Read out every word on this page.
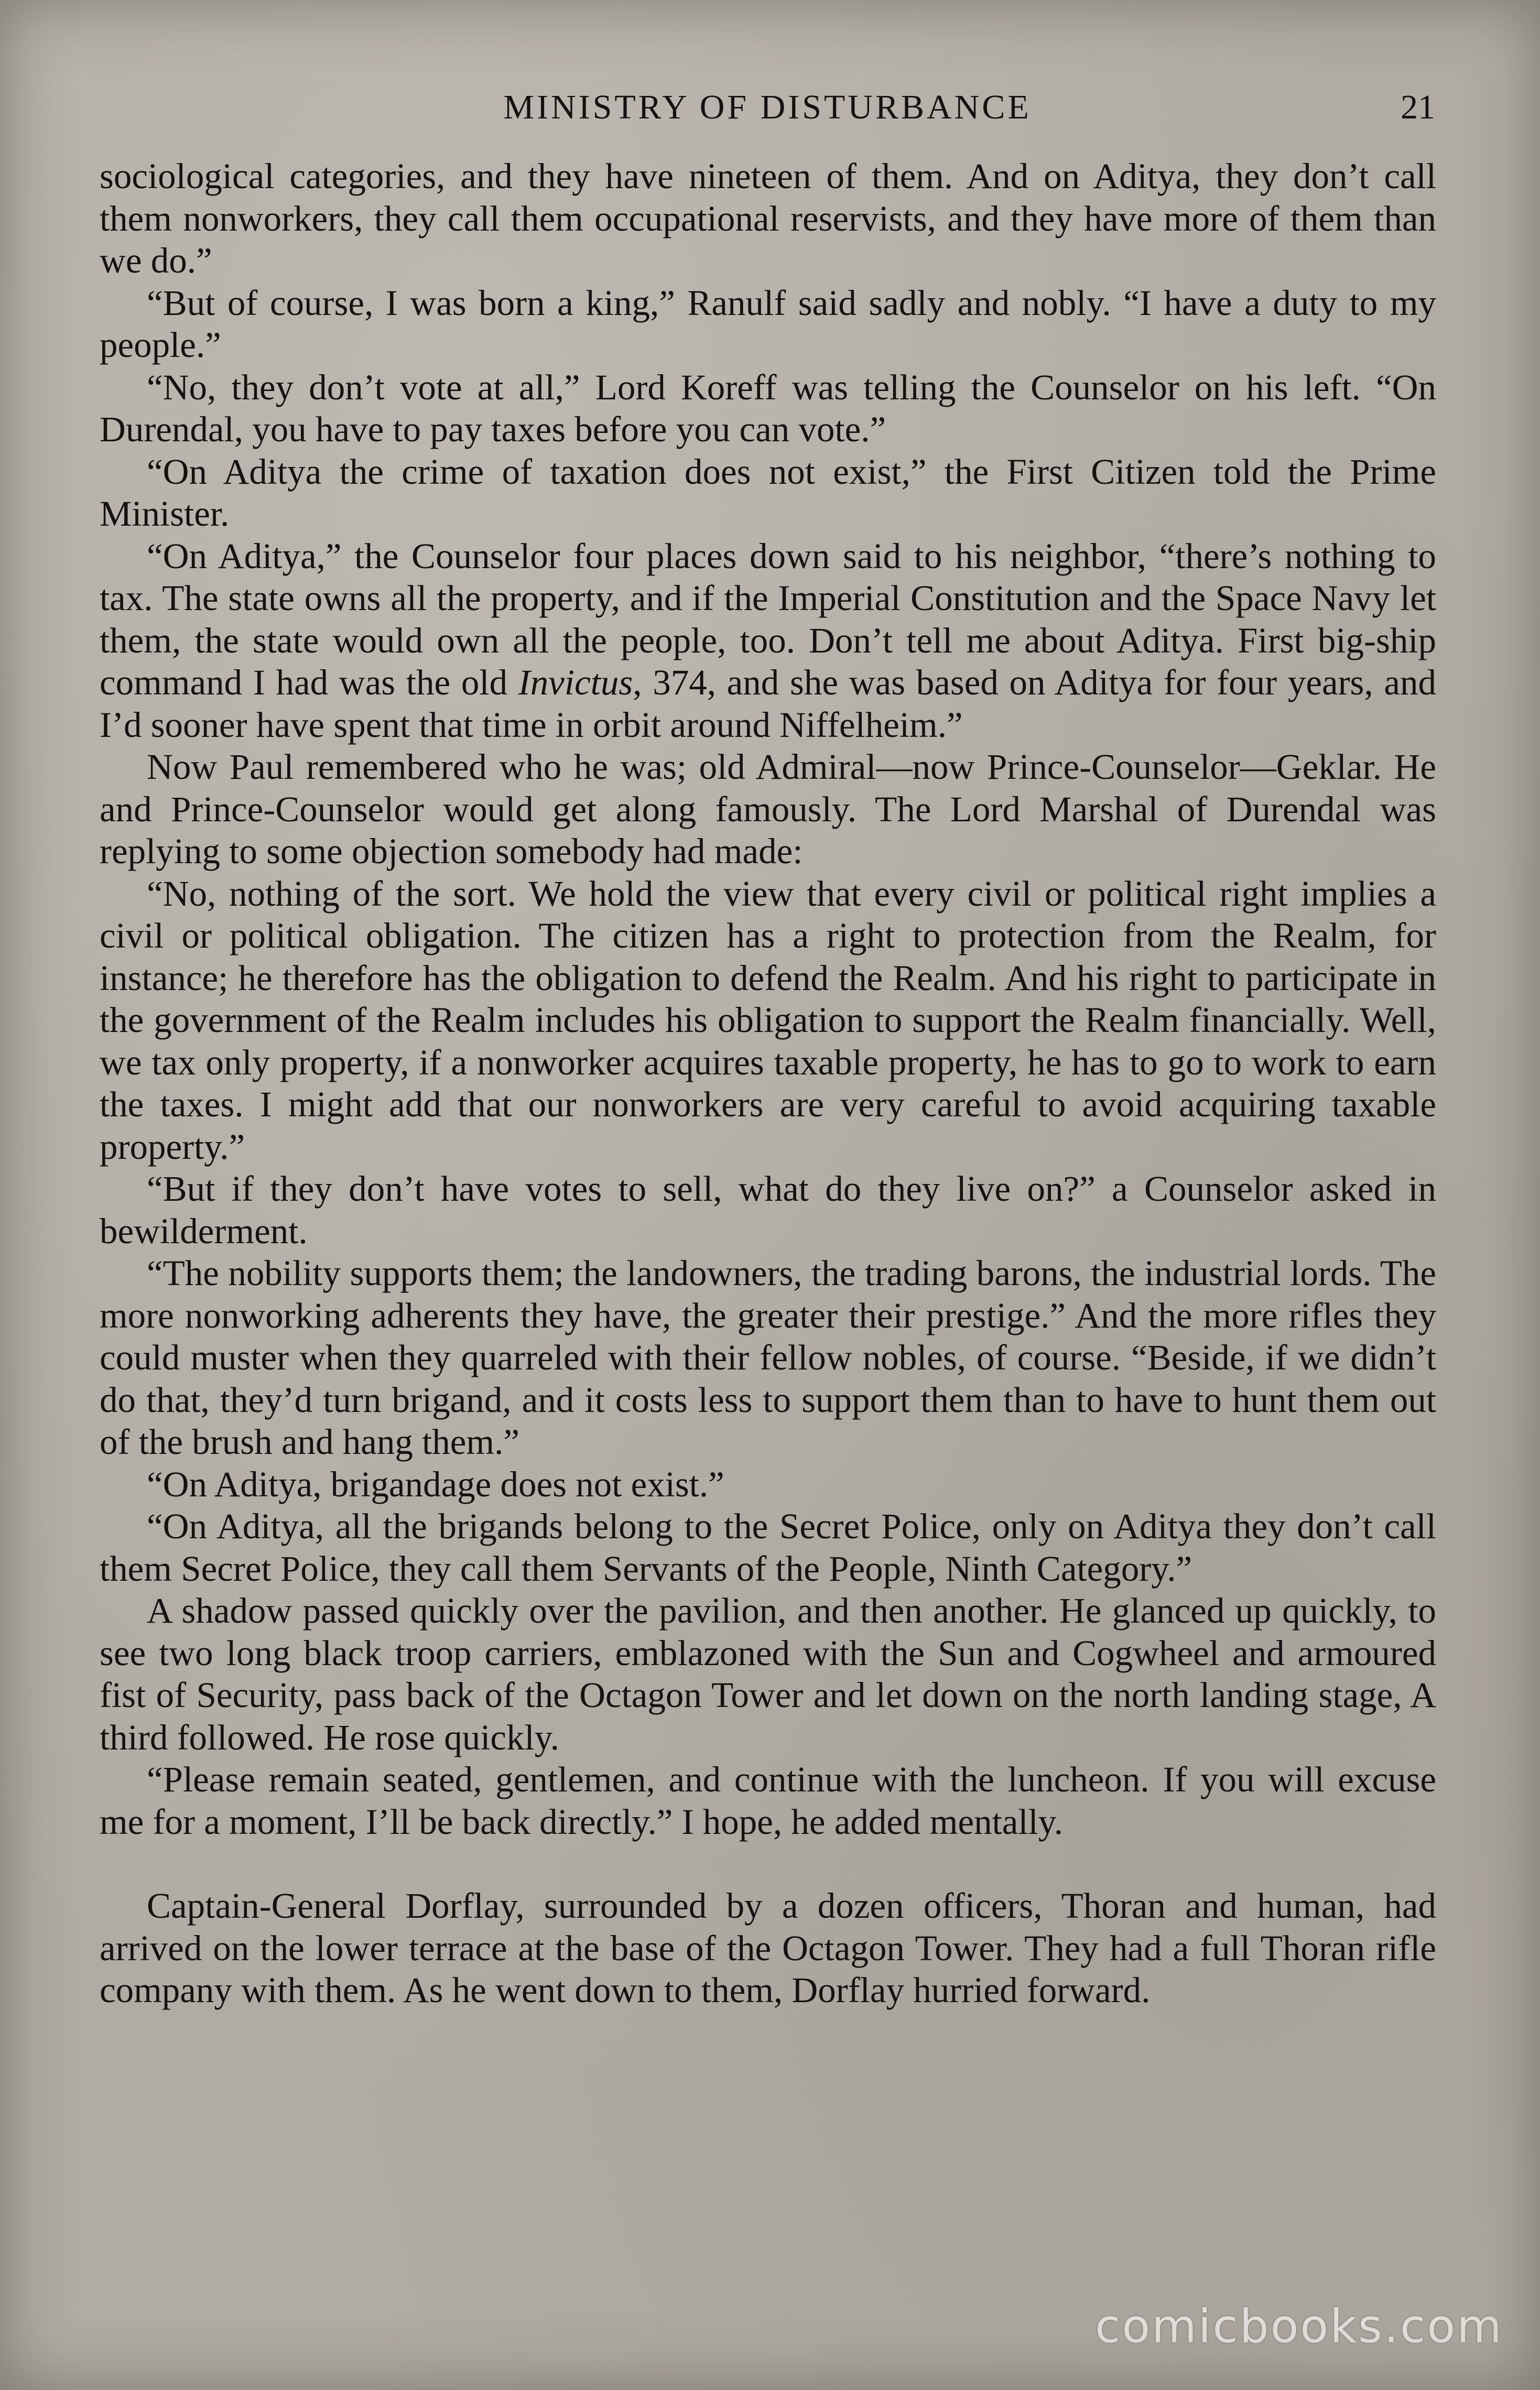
MINISTRY OF DISTURBANCE	21

sociological categories, and they have nineteen of them. And on Aditya, they don’t call them nonworkers, they call them occupational reservists, and they have more of them than we do.”

“But of course, I was born a king,” Ranulf said sadly and nobly. “I have a duty to my people.”

“No, they don’t vote at all,” Lord Koreff was telling the Counselor on his left. “On Durendal, you have to pay taxes before you can vote.”

“On Aditya the crime of taxation does not exist,” the First Citizen told the Prime Minister.

“On Aditya,” the Counselor four places down said to his neighbor, “there’s nothing to tax. The state owns all the property, and if the Imperial Constitution and the Space Navy let them, the state would own all the people, too. Don’t tell me about Aditya. First big-ship command I had was the old Invictus, 374, and she was based on Aditya for four years, and I’d sooner have spent that time in orbit around Niffelheim.”

Now Paul remembered who he was; old Admiral—now Prince-Counselor—Geklar. He and Prince-Counselor would get along famously. The Lord Marshal of Durendal was replying to some objection somebody had made:

“No, nothing of the sort. We hold the view that every civil or political right implies a civil or political obligation. The citizen has a right to protection from the Realm, for instance; he therefore has the obligation to defend the Realm. And his right to participate in the government of the Realm includes his obligation to support the Realm financially. Well, we tax only property, if a nonworker acquires taxable property, he has to go to work to earn the taxes. I might add that our nonworkers are very careful to avoid acquiring taxable property.”

“But if they don’t have votes to sell, what do they live on?” a Counselor asked in bewilderment.

“The nobility supports them; the landowners, the trading barons, the industrial lords. The more nonworking adherents they have, the greater their prestige.” And the more rifles they could muster when they quarreled with their fellow nobles, of course. “Beside, if we didn’t do that, they’d turn brigand, and it costs less to support them than to have to hunt them out of the brush and hang them.”

“On Aditya, brigandage does not exist.”

“On Aditya, all the brigands belong to the Secret Police, only on Aditya they don’t call them Secret Police, they call them Servants of the People, Ninth Category.”

A shadow passed quickly over the pavilion, and then another. He glanced up quickly, to see two long black troop carriers, emblazoned with the Sun and Cogwheel and armoured fist of Security, pass back of the Octagon Tower and let down on the north landing stage, A third followed. He rose quickly.

“Please remain seated, gentlemen, and continue with the luncheon. If you will excuse me for a moment, I’ll be back directly.” I hope, he added mentally.

Captain-General Dorflay, surrounded by a dozen officers, Thoran and human, had arrived on the lower terrace at the base of the Octagon Tower. They had a full Thoran rifle company with them. As he went down to them, Dorflay hurried forward.

comicbooks.com
